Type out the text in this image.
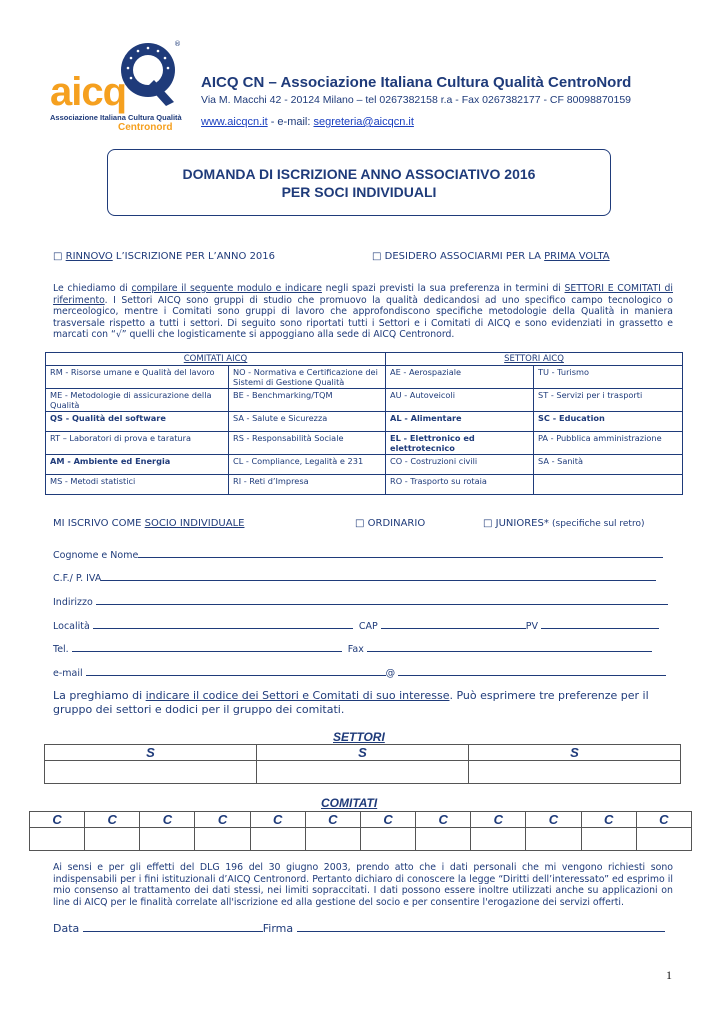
®
aicq
Associazione Italiana Cultura Qualità
Centronord
AICQ CN – Associazione Italiana Cultura Qualità CentroNord
Via M. Macchi 42 - 20124 Milano – tel 0267382158 r.a - Fax 0267382177 - CF 80098870159
www.aicqcn.it - e-mail: segreteria@aicqcn.it
DOMANDA DI ISCRIZIONE ANNO ASSOCIATIVO 2016
PER SOCI INDIVIDUALI
□ RINNOVO L’ISCRIZIONE PER L’ANNO 2016	□ DESIDERO ASSOCIARMI PER LA PRIMA VOLTA
Le chiediamo di compilare il seguente modulo e indicare negli spazi previsti la sua preferenza in termini di SETTORI E COMITATI di riferimento. I Settori AICQ sono gruppi di studio che promuovo la qualità dedicandosi ad uno specifico campo tecnologico o merceologico, mentre i Comitati sono gruppi di lavoro che approfondiscono specifiche metodologie della Qualità in maniera trasversale rispetto a tutti i settori. Di seguito sono riportati tutti i Settori e i Comitati di AICQ e sono evidenziati in grassetto e marcati con “√” quelli che logisticamente si appoggiano alla sede di AICQ Centronord.
COMITATI AICQ		SETTORI AICQ	
RM - Risorse umane e Qualità del lavoro	NO - Normativa e Certificazione dei Sistemi di Gestione Qualità	AE - Aerospaziale	TU - Turismo
ME - Metodologie di assicurazione della Qualità	BE - Benchmarking/TQM	AU - Autoveicoli	ST - Servizi per i trasporti
QS - Qualità del software	SA - Salute e Sicurezza	AL - Alimentare	SC - Education
RT – Laboratori di prova e taratura	RS - Responsabilità Sociale	EL - Elettronico ed elettrotecnico	PA - Pubblica amministrazione
AM - Ambiente ed Energia	CL - Compliance, Legalità e 231	CO - Costruzioni civili	SA - Sanità
MS - Metodi statistici	RI - Reti d’Impresa	RO - Trasporto su rotaia	
MI ISCRIVO COME SOCIO INDIVIDUALE	□ ORDINARIO	□ JUNIORES* (specifiche sul retro)
Cognome e Nome
C.F./ P. IVA
Indirizzo
Località	CAP	PV
Tel.	Fax
e-mail	@
La preghiamo di indicare il codice dei Settori e Comitati di suo interesse. Può esprimere tre preferenze per il gruppo dei settori e dodici per il gruppo dei comitati.
SETTORI
S	S	S

COMITATI
C	C	C	C	C	C	C	C	C	C	C	C

Ai sensi e per gli effetti del DLG 196 del 30 giugno 2003, prendo atto che i dati personali che mi vengono richiesti sono indispensabili per i fini istituzionali d’AICQ Centronord. Pertanto dichiaro di conoscere la legge “Diritti dell’interessato” ed esprimo il mio consenso al trattamento dei dati stessi, nei limiti sopraccitati. I dati possono essere inoltre utilizzati anche su applicazioni on line di AICQ per le finalità correlate all'iscrizione ed alla gestione del socio e per consentire l'erogazione dei servizi offerti.
Data	Firma
1
